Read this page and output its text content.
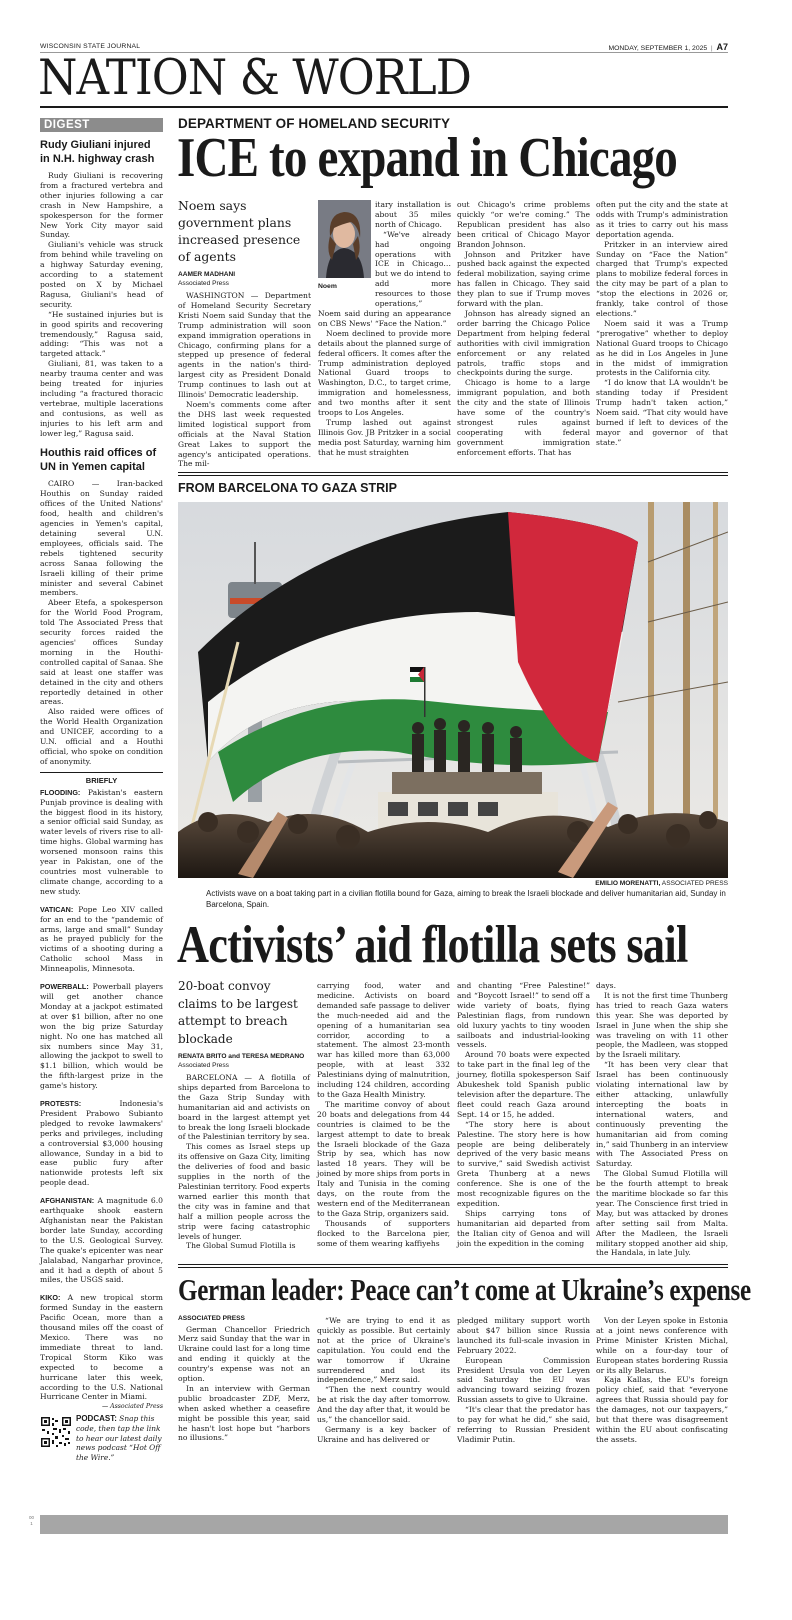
WISCONSIN STATE JOURNAL	MONDAY, SEPTEMBER 1, 2025  |  A7
NATION & WORLD
DIGEST
Rudy Giuliani injured in N.H. highway crash

Rudy Giuliani is recovering from a fractured vertebra and other injuries following a car crash in New Hampshire, a spokesperson for the former New York City mayor said Sunday.

Giuliani's vehicle was struck from behind while traveling on a highway Saturday evening, according to a statement posted on X by Michael Ragusa, Giuliani's head of security.

“He sustained injuries but is in good spirits and recovering tremendously,” Ragusa said, adding: “This was not a targeted attack.”

Giuliani, 81, was taken to a nearby trauma center and was being treated for injuries including “a fractured thoracic vertebrae, multiple lacerations and contusions, as well as injuries to his left arm and lower leg,” Ragusa said.

Houthis raid offices of UN in Yemen capital

CAIRO — Iran-backed Houthis on Sunday raided offices of the United Nations' food, health and children's agencies in Yemen's capital, detaining several U.N. employees, officials said. The rebels tightened security across Sanaa following the Israeli killing of their prime minister and several Cabinet members.

Abeer Etefa, a spokesperson for the World Food Program, told The Associated Press that security forces raided the agencies' offices Sunday morning in the Houthi-controlled capital of Sanaa. She said at least one staffer was detained in the city and others reportedly detained in other areas.

Also raided were offices of the World Health Organization and UNICEF, according to a U.N. official and a Houthi official, who spoke on condition of anonymity.

BRIEFLY

FLOODING: Pakistan's eastern Punjab province is dealing with the biggest flood in its history, a senior official said Sunday, as water levels of rivers rise to all-time highs. Global warming has worsened monsoon rains this year in Pakistan, one of the countries most vulnerable to climate change, according to a new study.

VATICAN: Pope Leo XIV called for an end to the “pandemic of arms, large and small” Sunday as he prayed publicly for the victims of a shooting during a Catholic school Mass in Minneapolis, Minnesota.

POWERBALL: Powerball players will get another chance Monday at a jackpot estimated at over $1 billion, after no one won the big prize Saturday night. No one has matched all six numbers since May 31, allowing the jackpot to swell to $1.1 billion, which would be the fifth-largest prize in the game's history.

PROTESTS:	Indonesia's President Prabowo Subianto pledged to revoke lawmakers' perks and privileges, including a controversial $3,000 housing allowance, Sunday in a bid to ease public fury after nationwide protests left six people dead.

AFGHANISTAN: A magnitude 6.0 earthquake shook eastern Afghanistan near the Pakistan border late Sunday, according to the U.S. Geological Survey. The quake's epicenter was near Jalalabad, Nangarhar province, and it had a depth of about 5 miles, the USGS said.

KIKO: A new tropical storm formed Sunday in the eastern Pacific Ocean, more than a thousand miles off the coast of Mexico. There was no immediate threat to land. Tropical Storm Kiko was expected to become a hurricane later this week, according to the U.S. National Hurricane Center in Miami.

— Associated Press
PODCAST: Snap this code, then tap the link to hear our latest daily news podcast “Hot Off the Wire.”
DEPARTMENT OF HOMELAND SECURITY
ICE to expand in Chicago
Noem says government plans increased presence of agents
AAMER MADHANI
Associated Press

WASHINGTON — Department of Homeland Security Secretary Kristi Noem said Sunday that the Trump administration will soon expand immigration operations in Chicago, confirming plans for a stepped up presence of federal agents in the nation's third-largest city as President Donald Trump continues to lash out at Illinois' Democratic leadership.

Noem's comments come after the DHS last week requested limited logistical support from officials at the Naval Station Great Lakes to support the agency's anticipated operations. The mil-

Noem

itary installation is about 35 miles north of Chicago.

“We've already had ongoing operations with ICE in Chicago… but we do intend to add more resources to those operations,”

Noem said during an appearance on CBS News' “Face the Nation.”

Noem declined to provide more details about the planned surge of federal officers. It comes after the Trump administration deployed National Guard troops to Washington, D.C., to target crime, immigration and homelessness, and two months after it sent troops to Los Angeles.

Trump lashed out against Illinois Gov. JB Pritzker in a social media post Saturday, warning him that he must straighten

out Chicago's crime problems quickly “or we're coming.” The Republican president has also been critical of Chicago Mayor Brandon Johnson.

Johnson and Pritzker have pushed back against the expected federal mobilization, saying crime has fallen in Chicago. They said they plan to sue if Trump moves forward with the plan.

Johnson has already signed an order barring the Chicago Police Department from helping federal authorities with civil immigration enforcement or any related patrols, traffic stops and checkpoints during the surge.

Chicago is home to a large immigrant population, and both the city and the state of Illinois have some of the country's strongest rules against cooperating with federal government immigration enforcement efforts. That has

often put the city and the state at odds with Trump's administration as it tries to carry out his mass deportation agenda.

Pritzker in an interview aired Sunday on “Face the Nation” charged that Trump's expected plans to mobilize federal forces in the city may be part of a plan to “stop the elections in 2026 or, frankly, take control of those elections.”

Noem said it was a Trump “prerogative” whether to deploy National Guard troops to Chicago as he did in Los Angeles in June in the midst of immigration protests in the California city.

“I do know that LA wouldn't be standing today if President Trump hadn't taken action,” Noem said. “That city would have burned if left to devices of the mayor and governor of that state.”

FROM BARCELONA TO GAZA STRIP
EMILIO MORENATTI, ASSOCIATED PRESS
Activists wave on a boat taking part in a civilian flotilla bound for Gaza, aiming to break the Israeli blockade and deliver humanitarian aid, Sunday in Barcelona, Spain.
Activists’ aid flotilla sets sail
20-boat convoy claims to be largest attempt to breach blockade
RENATA BRITO and TERESA MEDRANO
Associated Press

BARCELONA — A flotilla of ships departed from Barcelona to the Gaza Strip Sunday with humanitarian aid and activists on board in the largest attempt yet to break the long Israeli blockade of the Palestinian territory by sea.

This comes as Israel steps up its offensive on Gaza City, limiting the deliveries of food and basic supplies in the north of the Palestinian territory. Food experts warned earlier this month that the city was in famine and that half a million people across the strip were facing catastrophic levels of hunger.

The Global Sumud Flotilla is

carrying food, water and medicine. Activists on board demanded safe passage to deliver the much-needed aid and the opening of a humanitarian sea corridor, according to a statement. The almost 23-month war has killed more than 63,000 people, with at least 332 Palestinians dying of malnutrition, including 124 children, according to the Gaza Health Ministry.

The maritime convoy of about 20 boats and delegations from 44 countries is claimed to be the largest attempt to date to break the Israeli blockade of the Gaza Strip by sea, which has now lasted 18 years. They will be joined by more ships from ports in Italy and Tunisia in the coming days, on the route from the western end of the Mediterranean to the Gaza Strip, organizers said.

Thousands of supporters flocked to the Barcelona pier, some of them wearing kaffiyehs

and chanting “Free Palestine!” and “Boycott Israel!” to send off a wide variety of boats, flying Palestinian flags, from rundown old luxury yachts to tiny wooden sailboats and industrial-looking vessels.

Around 70 boats were expected to take part in the final leg of the journey, flotilla spokesperson Saif Abukeshek told Spanish public television after the departure. The fleet could reach Gaza around Sept. 14 or 15, he added.

“The story here is about Palestine. The story here is how people are being deliberately deprived of the very basic means to survive,” said Swedish activist Greta Thunberg at a news conference. She is one of the most recognizable figures on the expedition.

Ships carrying tons of humanitarian aid departed from the Italian city of Genoa and will join the expedition in the coming

days.

It is not the first time Thunberg has tried to reach Gaza waters this year. She was deported by Israel in June when the ship she was traveling on with 11 other people, the Madleen, was stopped by the Israeli military.

“It has been very clear that Israel has been continuously violating international law by either attacking, unlawfully intercepting the boats in international waters, and continuously preventing the humanitarian aid from coming in,” said Thunberg in an interview with The Associated Press on Saturday.

The Global Sumud Flotilla will be the fourth attempt to break the maritime blockade so far this year. The Conscience first tried in May, but was attacked by drones after setting sail from Malta. After the Madleen, the Israeli military stopped another aid ship, the Handala, in late July.

German leader: Peace can’t come at Ukraine’s expense
ASSOCIATED PRESS

German Chancellor Friedrich Merz said Sunday that the war in Ukraine could last for a long time and ending it quickly at the country's expense was not an option.

In an interview with German public broadcaster ZDF, Merz, when asked whether a ceasefire might be possible this year, said he hasn't lost hope but “harbors no illusions.”

“We are trying to end it as quickly as possible. But certainly not at the price of Ukraine's capitulation. You could end the war tomorrow if Ukraine surrendered and lost its independence,” Merz said.

“Then the next country would be at risk the day after tomorrow. And the day after that, it would be us,” the chancellor said.

Germany is a key backer of Ukraine and has delivered or

pledged military support worth about $47 billion since Russia launched its full-scale invasion in February 2022.

European Commission President Ursula von der Leyen said Saturday the EU was advancing toward seizing frozen Russian assets to give to Ukraine.

“It's clear that the predator has to pay for what he did,” she said, referring to Russian President Vladimir Putin.

Von der Leyen spoke in Estonia at a joint news conference with Prime Minister Kristen Michal, while on a four-day tour of European states bordering Russia or its ally Belarus.

Kaja Kallas, the EU's foreign policy chief, said that “everyone agrees that Russia should pay for the damages, not our taxpayers,” but that there was disagreement within the EU about confiscating the assets.

00
1
